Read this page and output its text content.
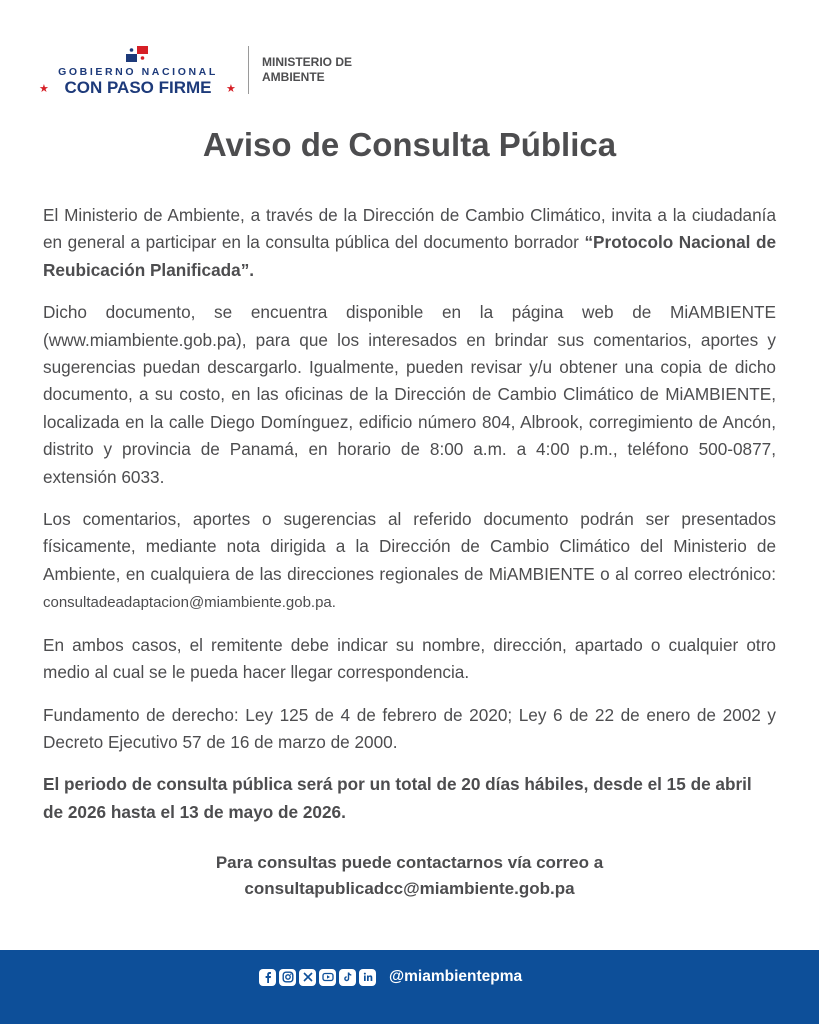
GOBIERNO NACIONAL
★ CON PASO FIRME	★
MINISTERIO DE
AMBIENTE
Aviso de Consulta Pública

El Ministerio de Ambiente, a través de la Dirección de Cambio Climático, invita a la ciudadanía en general a participar en la consulta pública del documento borrador “Protocolo Nacional de Reubicación Planificada”.

Dicho documento, se encuentra disponible en la página web de MiAMBIENTE (www.miambiente.gob.pa), para que los interesados en brindar sus comentarios, aportes y sugerencias puedan descargarlo. Igualmente, pueden revisar y/u obtener una copia de dicho documento, a su costo, en las oficinas de la Dirección de Cambio Climático de MiAMBIENTE, localizada en la calle Diego Domínguez, edificio número 804, Albrook, corregimiento de Ancón, distrito y provincia de Panamá, en horario de 8:00 a.m. a 4:00 p.m., teléfono 500-0877, extensión 6033.

Los comentarios, aportes o sugerencias al referido documento podrán ser presentados físicamente, mediante nota dirigida a la Dirección de Cambio Climático del Ministerio de Ambiente, en cualquiera de las direcciones regionales de MiAMBIENTE o al correo electrónico: consultadeadaptacion@miambiente.gob.pa.

En ambos casos, el remitente debe indicar su nombre, dirección, apartado o cualquier otro medio al cual se le pueda hacer llegar correspondencia.

Fundamento de derecho: Ley 125 de 4 de febrero de 2020; Ley 6 de 22 de enero de 2002 y Decreto Ejecutivo 57 de 16 de marzo de 2000.

El periodo de consulta pública será por un total de 20 días hábiles, desde el 15 de abril de 2026 hasta el 13 de mayo de 2026.

Para consultas puede contactarnos vía correo a
consultapublicadcc@miambiente.gob.pa
@miambientepma
